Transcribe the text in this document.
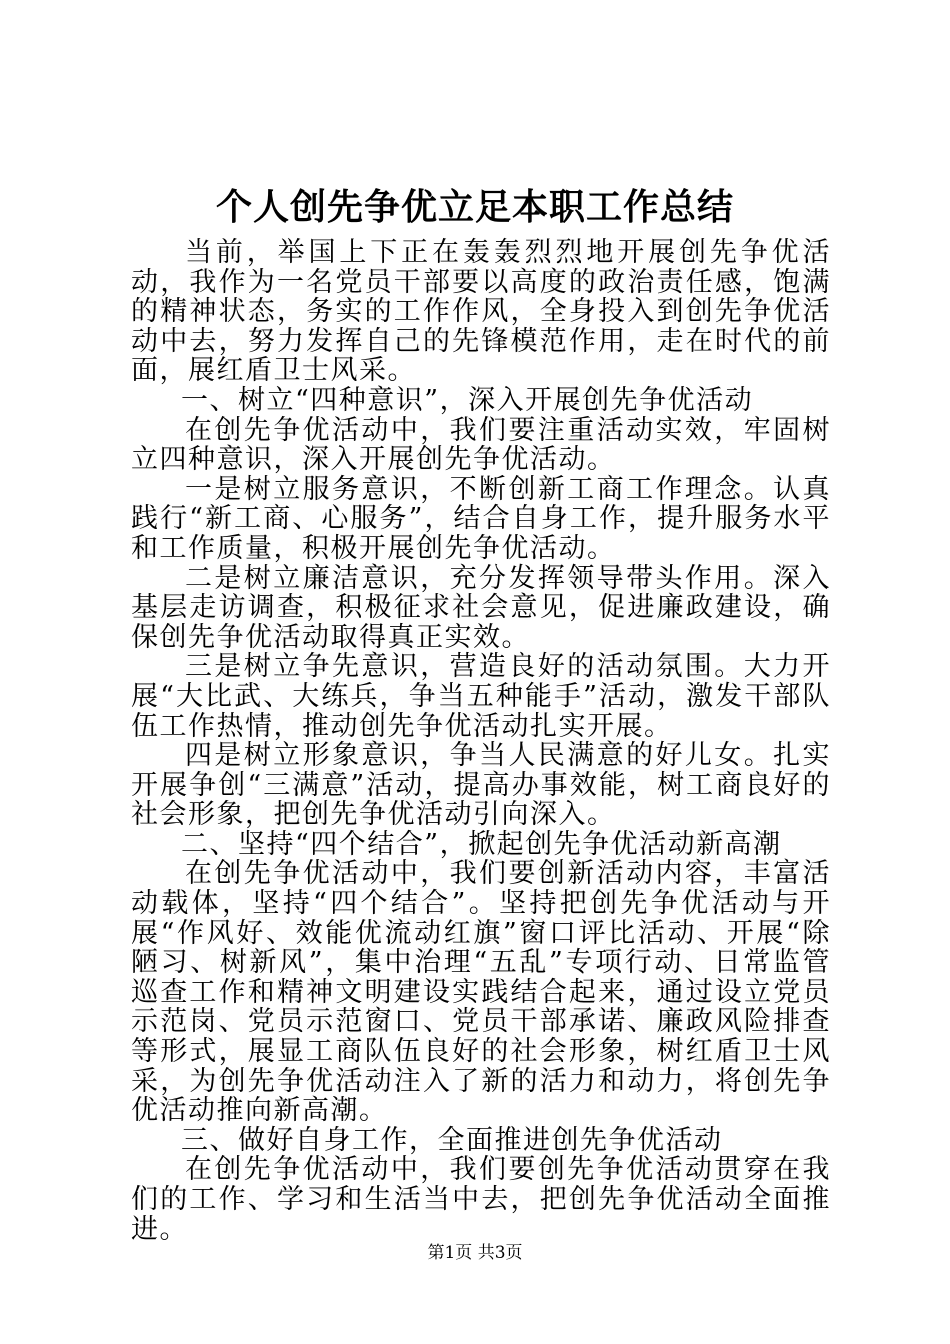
个人创先争优立足本职工作总结

当前，举国上下正在轰轰烈烈地开展创先争优活动，我作为一名党员干部要以高度的政治责任感，饱满的精神状态，务实的工作作风，全身投入到创先争优活动中去，努力发挥自己的先锋模范作用，走在时代的前面，展红盾卫士风采。

一、树立“四种意识”，深入开展创先争优活动

在创先争优活动中，我们要注重活动实效，牢固树立四种意识，深入开展创先争优活动。

一是树立服务意识，不断创新工商工作理念。认真践行“新工商、心服务”，结合自身工作，提升服务水平和工作质量，积极开展创先争优活动。

二是树立廉洁意识，充分发挥领导带头作用。深入基层走访调查，积极征求社会意见，促进廉政建设，确保创先争优活动取得真正实效。

三是树立争先意识，营造良好的活动氛围。大力开展“大比武、大练兵，争当五种能手”活动，激发干部队伍工作热情，推动创先争优活动扎实开展。

四是树立形象意识，争当人民满意的好儿女。扎实开展争创“三满意”活动，提高办事效能，树工商良好的社会形象，把创先争优活动引向深入。

二、坚持“四个结合”，掀起创先争优活动新高潮

在创先争优活动中，我们要创新活动内容，丰富活动载体，坚持“四个结合”。坚持把创先争优活动与开展“作风好、效能优流动红旗”窗口评比活动、开展“除陋习、树新风”，集中治理“五乱”专项行动、日常监管巡查工作和精神文明建设实践结合起来，通过设立党员示范岗、党员示范窗口、党员干部承诺、廉政风险排查等形式，展显工商队伍良好的社会形象，树红盾卫士风采，为创先争优活动注入了新的活力和动力，将创先争优活动推向新高潮。

三、做好自身工作，全面推进创先争优活动

在创先争优活动中，我们要创先争优活动贯穿在我们的工作、学习和生活当中去，把创先争优活动全面推进。

第1页 共3页
